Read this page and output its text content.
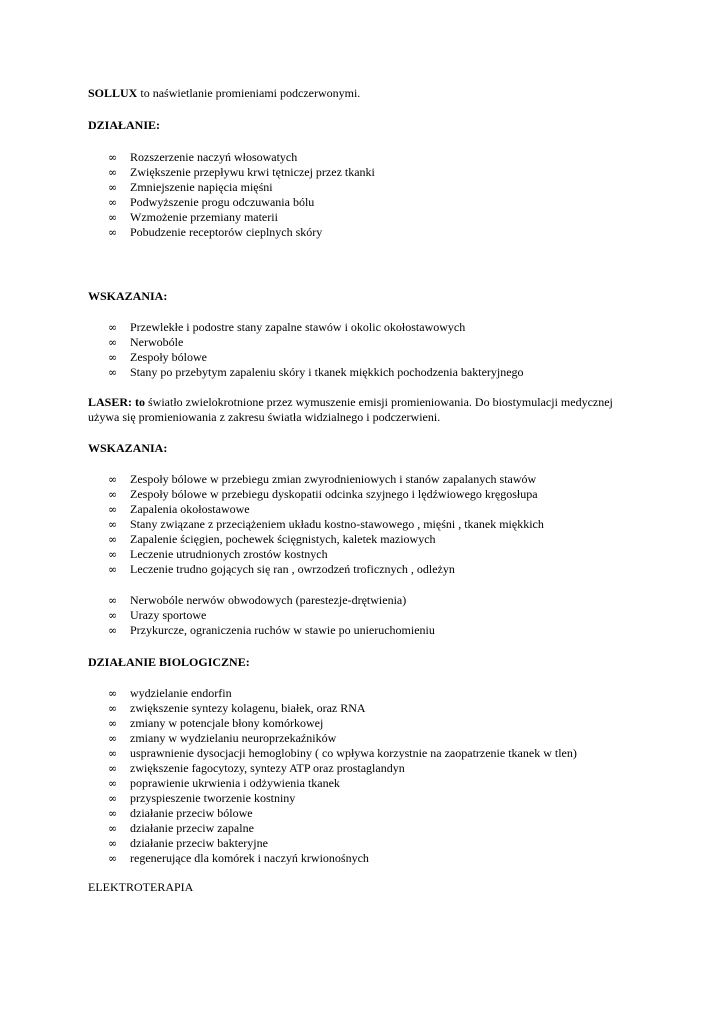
SOLLUX to naświetlanie promieniami podczerwonymi.
DZIAŁANIE:
∞ Rozszerzenie naczyń włosowatych
∞ Zwiększenie przepływu krwi tętniczej przez tkanki
∞ Zmniejszenie napięcia mięśni
∞ Podwyższenie progu odczuwania bólu
∞ Wzmożenie przemiany materii
∞ Pobudzenie receptorów cieplnych skóry
WSKAZANIA:
∞ Przewlekłe i podostre stany zapalne stawów i okolic okołostawowych
∞ Nerwobóle
∞ Zespoły bólowe
∞ Stany po przebytym zapaleniu skóry i tkanek miękkich pochodzenia bakteryjnego
LASER: to światło zwielokrotnione przez wymuszenie emisji promieniowania. Do biostymulacji medycznej używa się promieniowania z zakresu światła widzialnego i podczerwieni.
WSKAZANIA:
∞ Zespoły bólowe w przebiegu zmian zwyrodnieniowych i stanów zapalanych stawów
∞ Zespoły bólowe w przebiegu dyskopatii odcinka szyjnego i lędźwiowego kręgosłupa
∞ Zapalenia okołostawowe
∞ Stany związane z przeciążeniem układu kostno-stawowego , mięśni , tkanek miękkich
∞ Zapalenie ścięgien, pochewek ścięgnistych, kaletek maziowych
∞ Leczenie utrudnionych zrostów kostnych
∞ Leczenie trudno gojących się ran , owrzodzeń troficznych , odleżyn
∞ Nerwobóle nerwów obwodowych (parestezje-drętwienia)
∞ Urazy sportowe
∞ Przykurcze, ograniczenia ruchów w stawie po unieruchomieniu
DZIAŁANIE BIOLOGICZNE:
∞ wydzielanie endorfin
∞ zwiększenie syntezy kolagenu, białek, oraz RNA
∞ zmiany w potencjale błony komórkowej
∞ zmiany w wydzielaniu neuroprzekaźników
∞ usprawnienie dysocjacji hemoglobiny ( co wpływa korzystnie na zaopatrzenie tkanek w tlen)
∞ zwiększenie fagocytozy, syntezy ATP oraz prostaglandyn
∞ poprawienie ukrwienia i odżywienia tkanek
∞ przyspieszenie tworzenie kostniny
∞ działanie przeciw bólowe
∞ działanie przeciw zapalne
∞ działanie przeciw bakteryjne
∞ regenerujące dla komórek i naczyń krwionośnych
ELEKTROTERAPIA
